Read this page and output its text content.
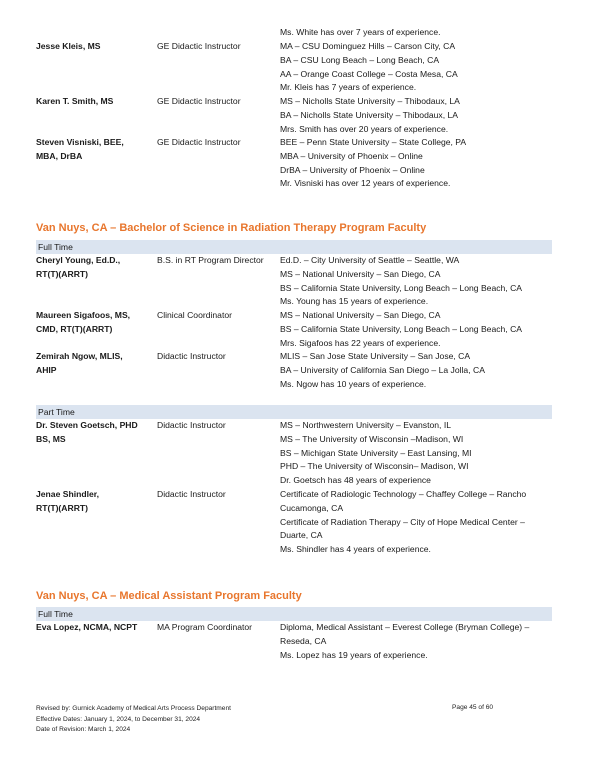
Ms. White has over 7 years of experience.
Jesse Kleis, MS	GE Didactic Instructor	MA – CSU Dominguez Hills – Carson City, CA
BA – CSU Long Beach – Long Beach, CA
AA – Orange Coast College – Costa Mesa, CA
Mr. Kleis has 7 years of experience.
Karen T. Smith, MS	GE Didactic Instructor	MS – Nicholls State University – Thibodaux, LA
BA – Nicholls State University – Thibodaux, LA
Mrs. Smith has over 20 years of experience.
Steven Visniski, BEE,
MBA, DrBA
GE Didactic Instructor	BEE – Penn State University – State College, PA
MBA – University of Phoenix – Online
DrBA – University of Phoenix – Online
Mr. Visniski has over 12 years of experience.
Van Nuys, CA – Bachelor of Science in Radiation Therapy Program Faculty
Full Time
Cheryl Young, Ed.D.,
RT(T)(ARRT)
B.S. in RT Program Director	Ed.D. – City University of Seattle – Seattle, WA
MS – National University – San Diego, CA
BS – California State University, Long Beach – Long Beach, CA
Ms. Young has 15 years of experience.
Maureen Sigafoos, MS,
CMD, RT(T)(ARRT)
Clinical Coordinator	MS – National University – San Diego, CA
BS – California State University, Long Beach – Long Beach, CA
Mrs. Sigafoos has 22 years of experience.
Zemirah Ngow, MLIS,
AHIP
Didactic Instructor	MLIS – San Jose State University – San Jose, CA
BA – University of California San Diego – La Jolla, CA
Ms. Ngow has 10 years of experience.
Part Time
Dr. Steven Goetsch, PHD
BS, MS
Didactic Instructor	MS – Northwestern University – Evanston, IL
MS – The University of Wisconsin –Madison, WI
BS – Michigan State University – East Lansing, MI
PHD – The University of Wisconsin– Madison, WI
Dr. Goetsch has 48 years of experience
Jenae Shindler,
RT(T)(ARRT)
Didactic Instructor	Certificate of Radiologic Technology – Chaffey College – Rancho
Cucamonga, CA
Certificate of Radiation Therapy – City of Hope Medical Center –
Duarte, CA
Ms. Shindler has 4 years of experience.
Van Nuys, CA – Medical Assistant Program Faculty
Full Time
Eva Lopez, NCMA, NCPT	MA Program Coordinator	Diploma, Medical Assistant – Everest College (Bryman College) –
Reseda, CA
Ms. Lopez has 19 years of experience.
Revised by: Gurnick Academy of Medical Arts Process Department
Effective Dates: January 1, 2024, to December 31, 2024
Date of Revision: March 1, 2024
Page 45 of 60
